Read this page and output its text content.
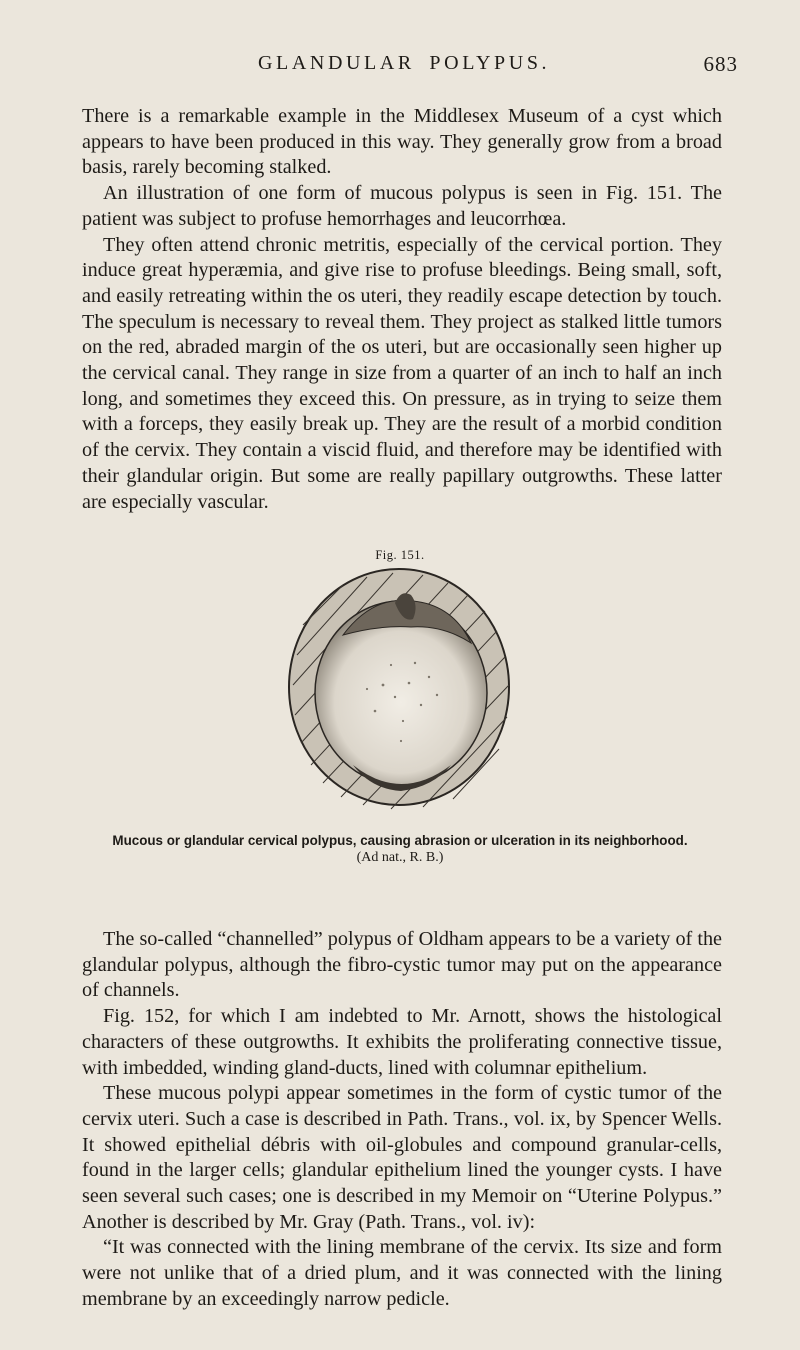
GLANDULAR POLYPUS.	683

There is a remarkable example in the Middlesex Museum of a cyst which appears to have been produced in this way. They generally grow from a broad basis, rarely becoming stalked.

An illustration of one form of mucous polypus is seen in Fig. 151. The patient was subject to profuse hemorrhages and leucorrhœa.

They often attend chronic metritis, especially of the cervical portion. They induce great hyperæmia, and give rise to profuse bleedings. Being small, soft, and easily retreating within the os uteri, they readily escape detection by touch. The speculum is necessary to reveal them. They project as stalked little tumors on the red, abraded margin of the os uteri, but are occasionally seen higher up the cervical canal. They range in size from a quarter of an inch to half an inch long, and sometimes they exceed this. On pressure, as in trying to seize them with a forceps, they easily break up. They are the result of a morbid condition of the cervix. They contain a viscid fluid, and therefore may be identified with their glandular origin. But some are really papillary outgrowths. These latter are especially vascular.

Fig. 151.
Mucous or glandular cervical polypus, causing abrasion or ulceration in its neighborhood.
(Ad nat., R. B.)

The so-called “channelled” polypus of Oldham appears to be a variety of the glandular polypus, although the fibro-cystic tumor may put on the appearance of channels.

Fig. 152, for which I am indebted to Mr. Arnott, shows the histological characters of these outgrowths. It exhibits the proliferating connective tissue, with imbedded, winding gland-ducts, lined with columnar epithelium.

These mucous polypi appear sometimes in the form of cystic tumor of the cervix uteri. Such a case is described in Path. Trans., vol. ix, by Spencer Wells. It showed epithelial débris with oil-globules and compound granular-cells, found in the larger cells; glandular epithelium lined the younger cysts. I have seen several such cases; one is described in my Memoir on “Uterine Polypus.” Another is described by Mr. Gray (Path. Trans., vol. iv):

“It was connected with the lining membrane of the cervix. Its size and form were not unlike that of a dried plum, and it was connected with the lining membrane by an exceedingly narrow pedicle.
